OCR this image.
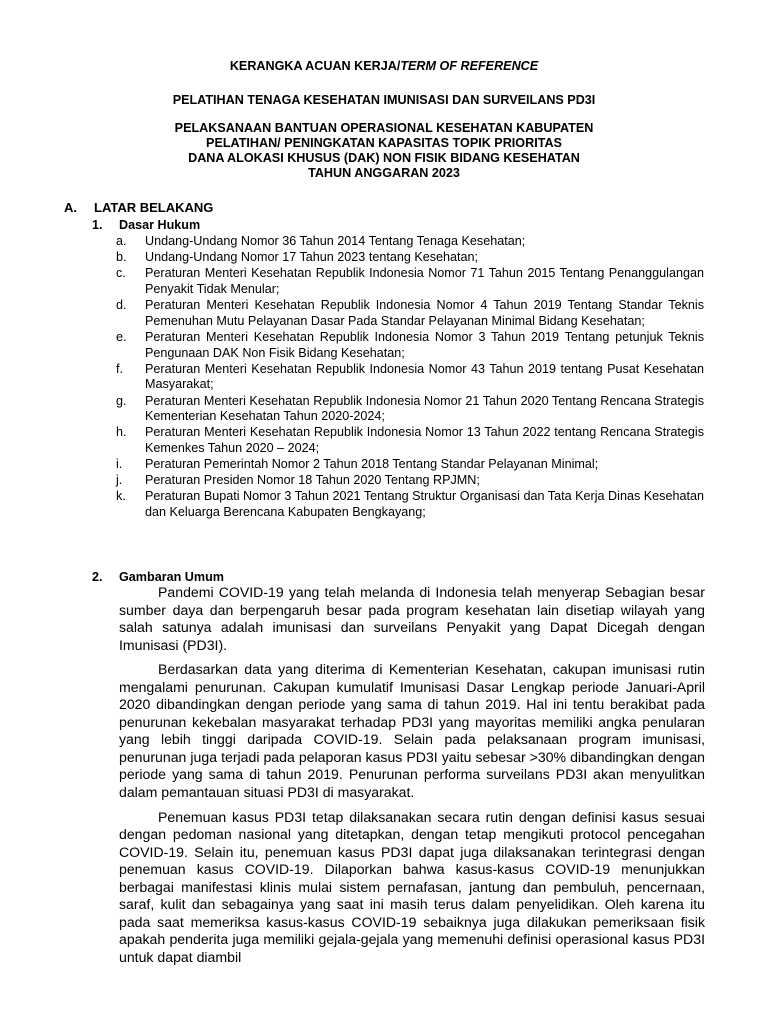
KERANGKA ACUAN KERJA/TERM OF REFERENCE
PELATIHAN TENAGA KESEHATAN IMUNISASI DAN SURVEILANS PD3I
PELAKSANAAN BANTUAN OPERASIONAL KESEHATAN KABUPATEN
PELATIHAN/ PENINGKATAN KAPASITAS TOPIK PRIORITAS
DANA ALOKASI KHUSUS (DAK) NON FISIK BIDANG KESEHATAN
TAHUN ANGGARAN 2023
A. LATAR BELAKANG
1. Dasar Hukum
a. Undang-Undang Nomor 36 Tahun 2014 Tentang Tenaga Kesehatan;
b. Undang-Undang Nomor 17 Tahun 2023 tentang Kesehatan;
c. Peraturan Menteri Kesehatan Republik Indonesia Nomor 71 Tahun 2015 Tentang Penanggulangan Penyakit Tidak Menular;
d. Peraturan Menteri Kesehatan Republik Indonesia Nomor 4 Tahun 2019 Tentang Standar Teknis Pemenuhan Mutu Pelayanan Dasar Pada Standar Pelayanan Minimal Bidang Kesehatan;
e. Peraturan Menteri Kesehatan Republik Indonesia Nomor 3 Tahun 2019 Tentang petunjuk Teknis Pengunaan DAK Non Fisik Bidang Kesehatan;
f. Peraturan Menteri Kesehatan Republik Indonesia Nomor 43 Tahun 2019 tentang Pusat Kesehatan Masyarakat;
g. Peraturan Menteri Kesehatan Republik Indonesia Nomor 21 Tahun 2020 Tentang Rencana Strategis Kementerian Kesehatan Tahun 2020-2024;
h. Peraturan Menteri Kesehatan Republik Indonesia Nomor 13 Tahun 2022 tentang Rencana Strategis Kemenkes Tahun 2020 – 2024;
i. Peraturan Pemerintah Nomor 2 Tahun 2018 Tentang Standar Pelayanan Minimal;
j. Peraturan Presiden Nomor 18 Tahun 2020 Tentang RPJMN;
k. Peraturan Bupati Nomor 3 Tahun 2021 Tentang Struktur Organisasi dan Tata Kerja Dinas Kesehatan dan Keluarga Berencana Kabupaten Bengkayang;
2. Gambaran Umum

Pandemi COVID-19 yang telah melanda di Indonesia telah menyerap Sebagian besar sumber daya dan berpengaruh besar pada program kesehatan lain disetiap wilayah yang salah satunya adalah imunisasi dan surveilans Penyakit yang Dapat Dicegah dengan Imunisasi (PD3I).

Berdasarkan data yang diterima di Kementerian Kesehatan, cakupan imunisasi rutin mengalami penurunan. Cakupan kumulatif Imunisasi Dasar Lengkap periode Januari-April 2020 dibandingkan dengan periode yang sama di tahun 2019. Hal ini tentu berakibat pada penurunan kekebalan masyarakat terhadap PD3I yang mayoritas memiliki angka penularan yang lebih tinggi daripada COVID-19. Selain pada pelaksanaan program imunisasi, penurunan juga terjadi pada pelaporan kasus PD3I yaitu sebesar >30% dibandingkan dengan periode yang sama di tahun 2019. Penurunan performa surveilans PD3I akan menyulitkan dalam pemantauan situasi PD3I di masyarakat.

Penemuan kasus PD3I tetap dilaksanakan secara rutin dengan definisi kasus sesuai dengan pedoman nasional yang ditetapkan, dengan tetap mengikuti protocol pencegahan COVID-19. Selain itu, penemuan kasus PD3I dapat juga dilaksanakan terintegrasi dengan penemuan kasus COVID-19. Dilaporkan bahwa kasus-kasus COVID-19 menunjukkan berbagai manifestasi klinis mulai sistem pernafasan, jantung dan pembuluh, pencernaan, saraf, kulit dan sebagainya yang saat ini masih terus dalam penyelidikan. Oleh karena itu pada saat memeriksa kasus-kasus COVID-19 sebaiknya juga dilakukan pemeriksaan fisik apakah penderita juga memiliki gejala-gejala yang memenuhi definisi operasional kasus PD3I untuk dapat diambil
